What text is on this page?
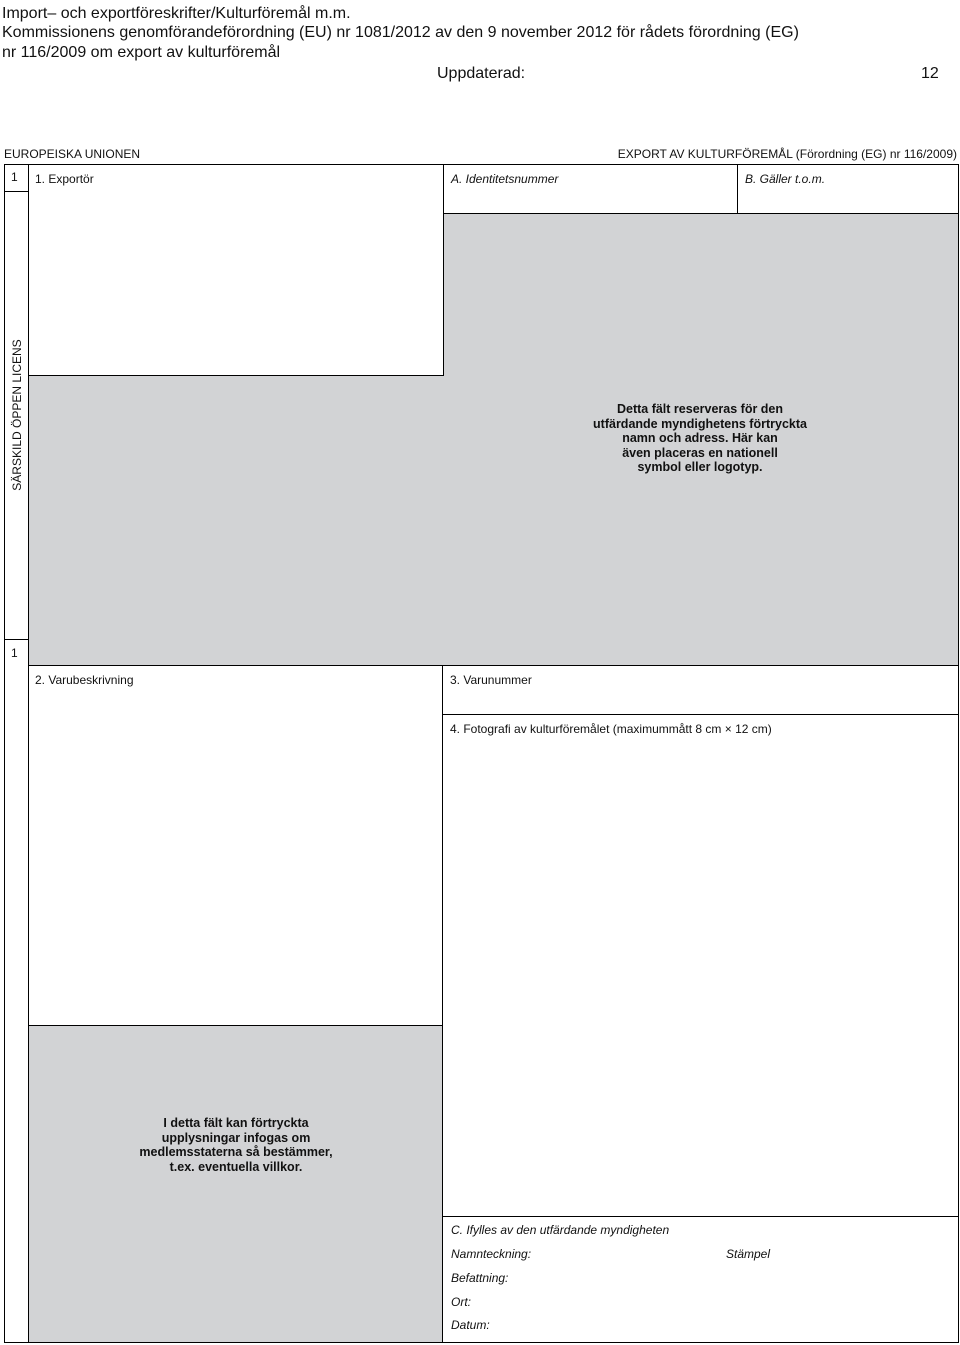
Import– och exportföreskrifter/Kulturföremål m.m.
Kommissionens genomförandeförordning (EU) nr 1081/2012 av den 9 november 2012 för rådets förordning (EG)
nr 116/2009 om export av kulturföremål
Uppdaterad:	12
EUROPEISKA UNIONEN	EXPORT AV KULTURFÖREMÅL (Förordning (EG) nr 116/2009)
1
1
SÄRSKILD ÖPPEN LICENS
1. Exportör	A. Identitetsnummer	B. Gäller t.o.m.
Detta fält reserveras för den
utfärdande myndighetens förtryckta
namn och adress. Här kan
även placeras en nationell
symbol eller logotyp.
2. Varubeskrivning	3. Varunummer
4. Fotografi av kulturföremålet (maximummått 8 cm × 12 cm)
I detta fält kan förtryckta
upplysningar infogas om
medlemsstaterna så bestämmer,
t.ex. eventuella villkor.
C. Ifylles av den utfärdande myndigheten
Namnteckning:	Stämpel
Befattning:
Ort:
Datum:
